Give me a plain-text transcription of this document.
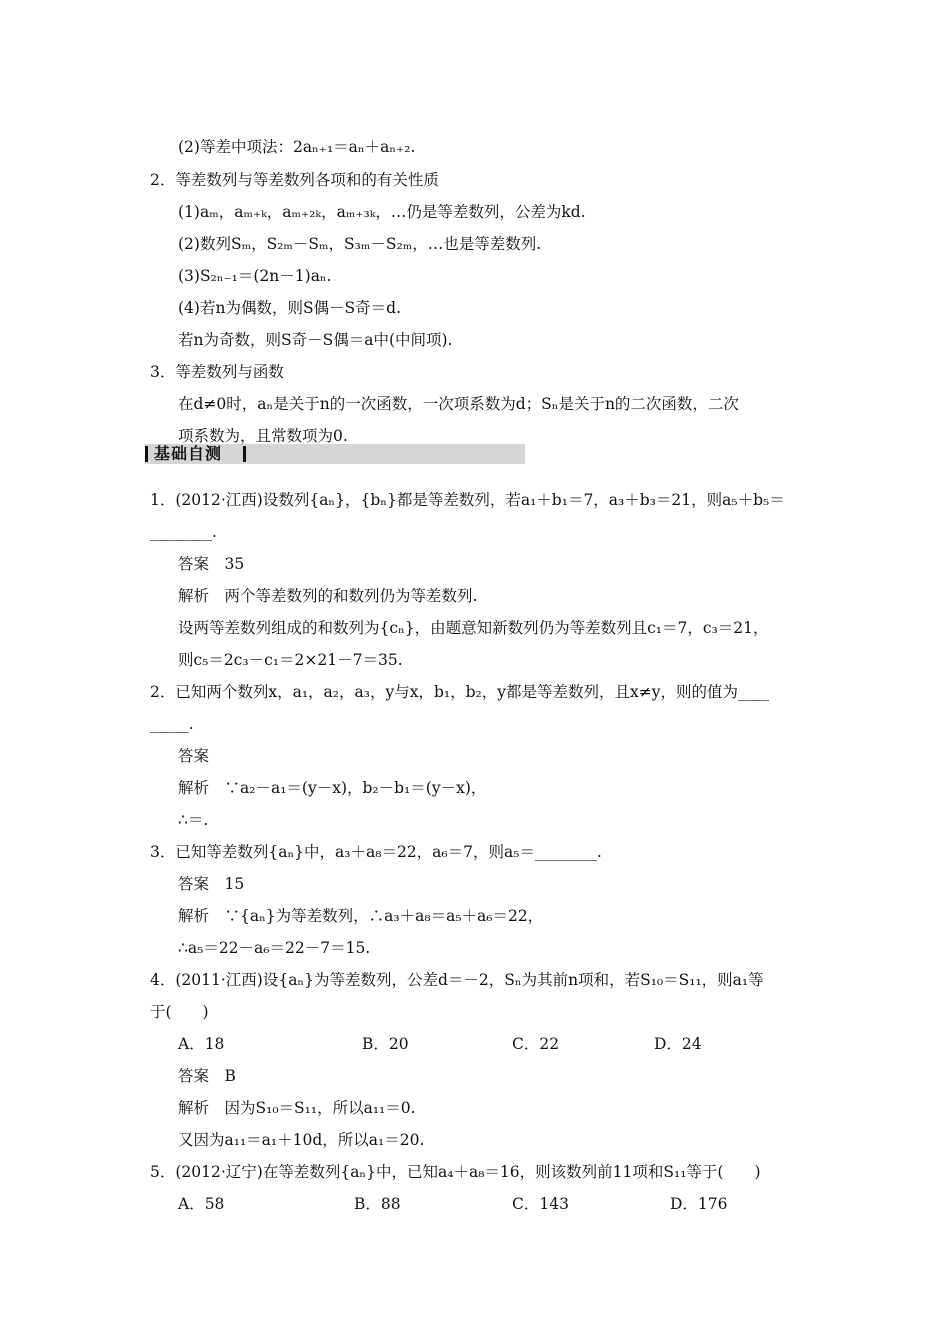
基础自测
(2)等差中项法：2aₙ₊₁＝aₙ＋aₙ₊₂.
2．等差数列与等差数列各项和的有关性质
(1)aₘ，aₘ₊ₖ，aₘ₊₂ₖ，aₘ₊₃ₖ，…仍是等差数列，公差为kd.
(2)数列Sₘ，S₂ₘ－Sₘ，S₃ₘ－S₂ₘ，…也是等差数列.
(3)S₂ₙ₋₁＝(2n－1)aₙ.
(4)若n为偶数，则S偶－S奇＝d.
若n为奇数，则S奇－S偶＝a中(中间项).
3．等差数列与函数
在d≠0时，aₙ是关于n的一次函数，一次项系数为d；Sₙ是关于n的二次函数，二次
项系数为，且常数项为0.
1．(2012·江西)设数列{aₙ}，{bₙ}都是等差数列，若a₁＋b₁＝7，a₃＋b₃＝21，则a₅＋b₅＝
________.
答案　35
解析　两个等差数列的和数列仍为等差数列.
设两等差数列组成的和数列为{cₙ}，由题意知新数列仍为等差数列且c₁＝7，c₃＝21，
则c₅＝2c₃－c₁＝2×21－7＝35.
2．已知两个数列x，a₁，a₂，a₃，y与x，b₁，b₂，y都是等差数列，且x≠y，则的值为____
_____.
答案
解析　∵a₂－a₁＝(y－x)，b₂－b₁＝(y－x)，
∴＝.
3．已知等差数列{aₙ}中，a₃＋a₈＝22，a₆＝7，则a₅＝________.
答案　15
解析　∵{aₙ}为等差数列，∴a₃＋a₈＝a₅＋a₆＝22，
∴a₅＝22－a₆＝22－7＝15.
4．(2011·江西)设{aₙ}为等差数列，公差d＝－2，Sₙ为其前n项和，若S₁₀＝S₁₁，则a₁等
于(　　)
A．18	B．20	C．22	D．24
答案　B
解析　因为S₁₀＝S₁₁，所以a₁₁＝0.
又因为a₁₁＝a₁＋10d，所以a₁＝20.
5．(2012·辽宁)在等差数列{aₙ}中，已知a₄＋a₈＝16，则该数列前11项和S₁₁等于(　　)
A．58	B．88	C．143	D．176
